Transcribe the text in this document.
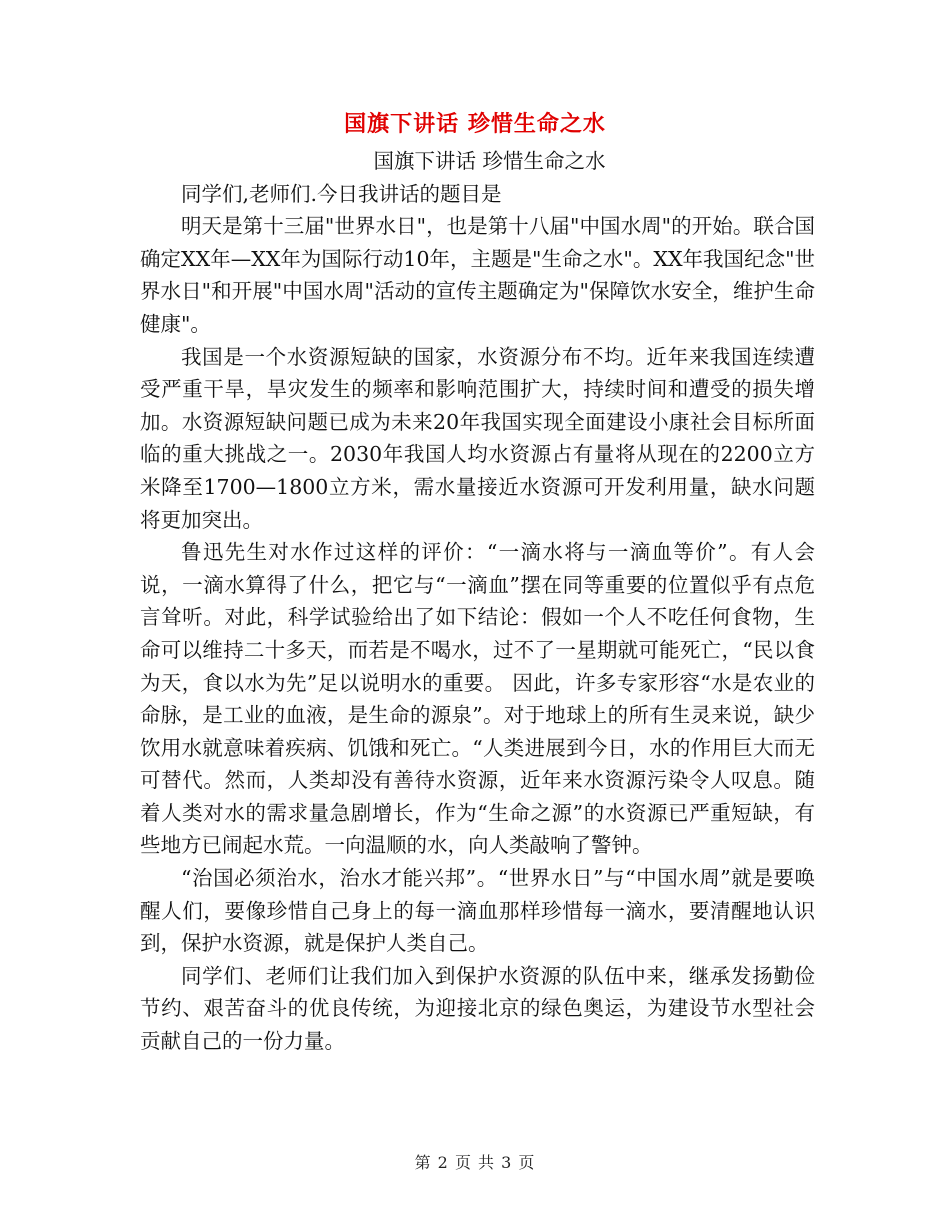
国旗下讲话 珍惜生命之水

国旗下讲话 珍惜生命之水

同学们,老师们.今日我讲话的题目是

明天是第十三届"世界水日"，也是第十八届"中国水周"的开始。联合国确定XX年—XX年为国际行动10年，主题是"生命之水"。XX年我国纪念"世界水日"和开展"中国水周"活动的宣传主题确定为"保障饮水安全，维护生命健康"。

我国是一个水资源短缺的国家，水资源分布不均。近年来我国连续遭受严重干旱，旱灾发生的频率和影响范围扩大，持续时间和遭受的损失增加。水资源短缺问题已成为未来20年我国实现全面建设小康社会目标所面临的重大挑战之一。2030年我国人均水资源占有量将从现在的2200立方米降至1700—1800立方米，需水量接近水资源可开发利用量，缺水问题将更加突出。

鲁迅先生对水作过这样的评价：“一滴水将与一滴血等价”。有人会说，一滴水算得了什么，把它与“一滴血”摆在同等重要的位置似乎有点危言耸听。对此，科学试验给出了如下结论：假如一个人不吃任何食物，生命可以维持二十多天，而若是不喝水，过不了一星期就可能死亡，“民以食为天，食以水为先”足以说明水的重要。 因此，许多专家形容“水是农业的命脉，是工业的血液，是生命的源泉”。对于地球上的所有生灵来说，缺少饮用水就意味着疾病、饥饿和死亡。“人类进展到今日，水的作用巨大而无可替代。然而，人类却没有善待水资源，近年来水资源污染令人叹息。随着人类对水的需求量急剧增长，作为“生命之源”的水资源已严重短缺，有些地方已闹起水荒。一向温顺的水，向人类敲响了警钟。

“治国必须治水，治水才能兴邦”。“世界水日”与“中国水周”就是要唤醒人们，要像珍惜自己身上的每一滴血那样珍惜每一滴水，要清醒地认识到，保护水资源，就是保护人类自己。

同学们、老师们让我们加入到保护水资源的队伍中来，继承发扬勤俭节约、艰苦奋斗的优良传统，为迎接北京的绿色奥运，为建设节水型社会贡献自己的一份力量。

第 2 页 共 3 页
